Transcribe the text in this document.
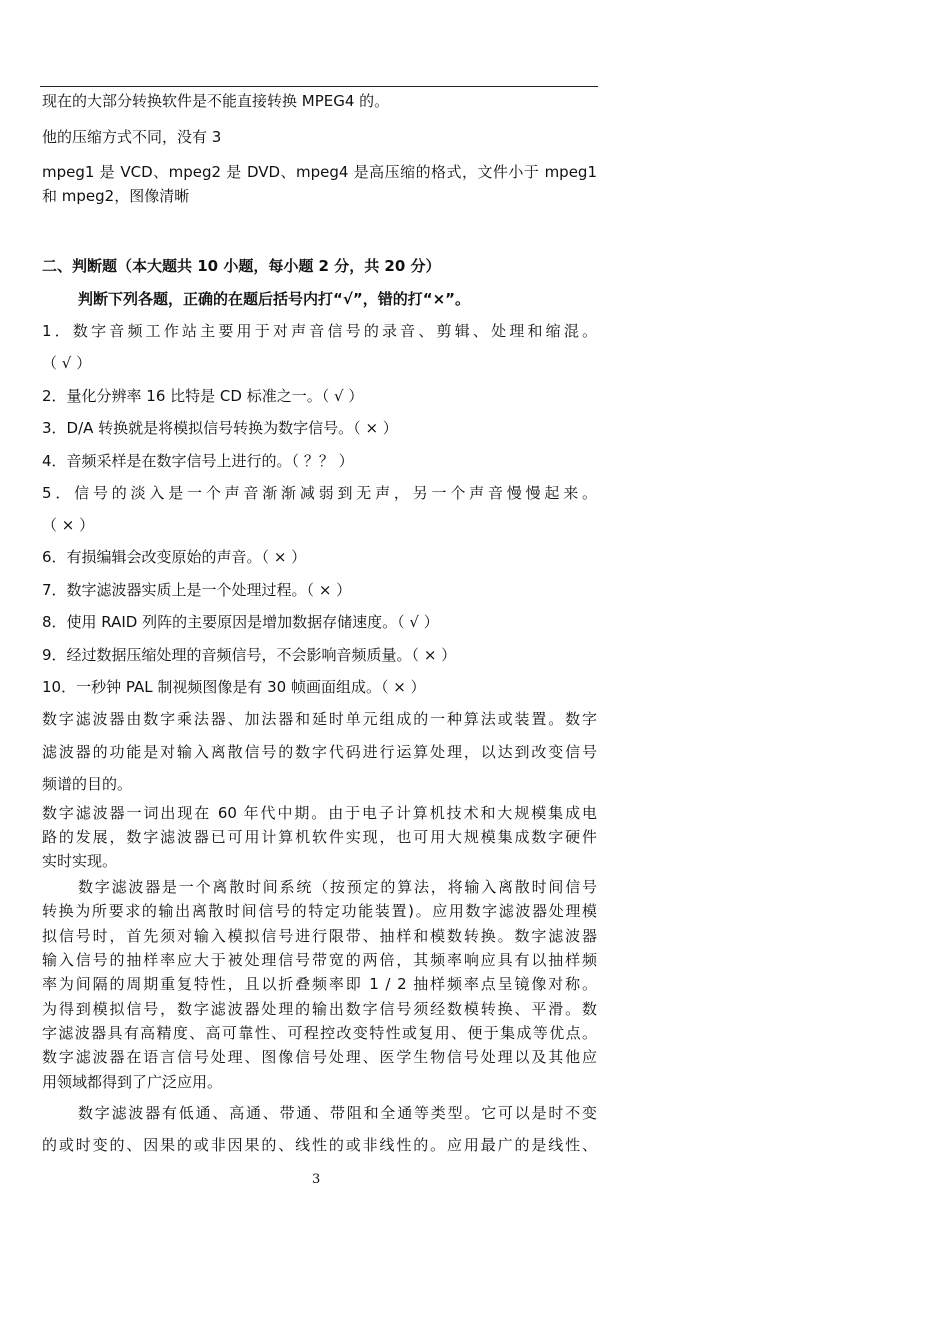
现在的大部分转换软件是不能直接转换 MPEG4 的。
他的压缩方式不同，没有 3
mpeg1 是 VCD、mpeg2 是 DVD、mpeg4 是高压缩的格式，文件小于 mpeg1
和 mpeg2，图像清晰
二、判断题（本大题共 10 小题，每小题 2 分，共 20 分）
判断下列各题，正确的在题后括号内打“√”，错的打“×”。
1．数字音频工作站主要用于对声音信号的录音、剪辑、处理和缩混。
（ √ ）
2．量化分辨率 16 比特是 CD 标准之一。（ √ ）
3．D/A 转换就是将模拟信号转换为数字信号。（ × ）
4．音频采样是在数字信号上进行的。（ ？？ ）
5．信号的淡入是一个声音渐渐减弱到无声，另一个声音慢慢起来。
（ × ）
6．有损编辑会改变原始的声音。（ × ）
7．数字滤波器实质上是一个处理过程。（ × ）
8．使用 RAID 列阵的主要原因是增加数据存储速度。（ √ ）
9．经过数据压缩处理的音频信号，不会影响音频质量。（ × ）
10．一秒钟 PAL 制视频图像是有 30 帧画面组成。（ × ）
数字滤波器由数字乘法器、加法器和延时单元组成的一种算法或装置。数字
滤波器的功能是对输入离散信号的数字代码进行运算处理，以达到改变信号
频谱的目的。
数字滤波器一词出现在 60 年代中期。由于电子计算机技术和大规模集成电
路的发展，数字滤波器已可用计算机软件实现，也可用大规模集成数字硬件
实时实现。
数字滤波器是一个离散时间系统（按预定的算法，将输入离散时间信号
转换为所要求的输出离散时间信号的特定功能装置)。应用数字滤波器处理模
拟信号时，首先须对输入模拟信号进行限带、抽样和模数转换。数字滤波器
输入信号的抽样率应大于被处理信号带宽的两倍，其频率响应具有以抽样频
率为间隔的周期重复特性，且以折叠频率即 1 / 2 抽样频率点呈镜像对称。
为得到模拟信号，数字滤波器处理的输出数字信号须经数模转换、平滑。数
字滤波器具有高精度、高可靠性、可程控改变特性或复用、便于集成等优点。
数字滤波器在语言信号处理、图像信号处理、医学生物信号处理以及其他应
用领域都得到了广泛应用。
数字滤波器有低通、高通、带通、带阻和全通等类型。它可以是时不变
的或时变的、因果的或非因果的、线性的或非线性的。应用最广的是线性、
3
